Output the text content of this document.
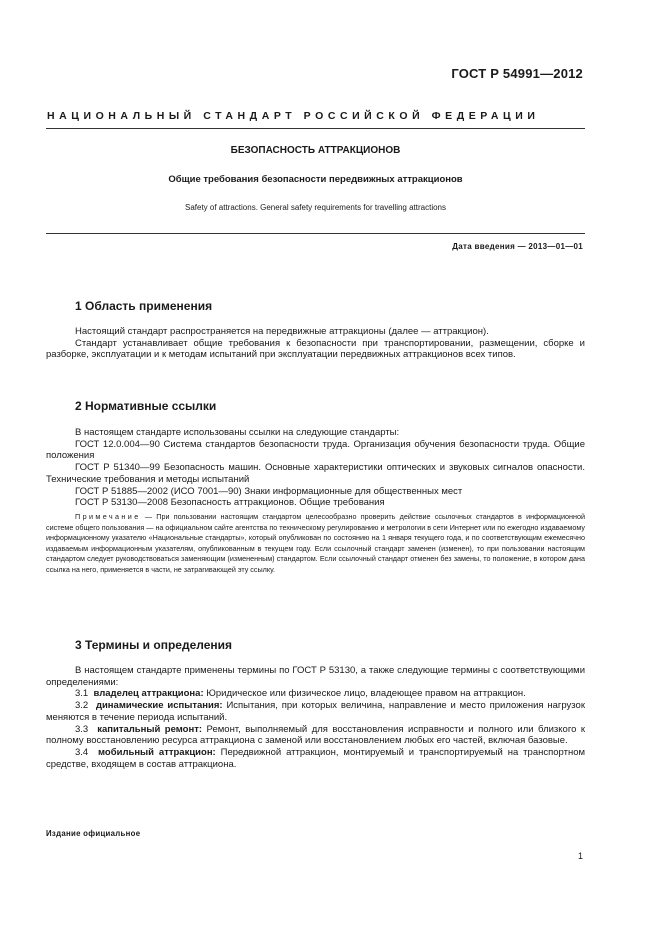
ГОСТ Р 54991—2012
НАЦИОНАЛЬНЫЙ СТАНДАРТ РОССИЙСКОЙ ФЕДЕРАЦИИ
БЕЗОПАСНОСТЬ АТТРАКЦИОНОВ
Общие требования безопасности передвижных аттракционов
Safety of attractions. General safety requirements for travelling attractions
Дата введения — 2013—01—01
1 Область применения

Настоящий стандарт распространяется на передвижные аттракционы (далее — аттракцион).

Стандарт устанавливает общие требования к безопасности при транспортировании, размещении, сборке и разборке, эксплуатации и к методам испытаний при эксплуатации передвижных аттракционов всех типов.

2 Нормативные ссылки

В настоящем стандарте использованы ссылки на следующие стандарты:

ГОСТ 12.0.004—90 Система стандартов безопасности труда. Организация обучения безопасности труда. Общие положения

ГОСТ Р 51340—99 Безопасность машин. Основные характеристики оптических и звуковых сигналов опасности. Технические требования и методы испытаний

ГОСТ Р 51885—2002 (ИСО 7001—90) Знаки информационные для общественных мест

ГОСТ Р 53130—2008 Безопасность аттракционов. Общие требования

Примечание — При пользовании настоящим стандартом целесообразно проверить действие ссылочных стандартов в информационной системе общего пользования — на официальном сайте агентства по техническому регулированию и метрологии в сети Интернет или по ежегодно издаваемому информационному указателю «Национальные стандарты», который опубликован по состоянию на 1 января текущего года, и по соответствующим ежемесячно издаваемым информационным указателям, опубликованным в текущем году. Если ссылочный стандарт заменен (изменен), то при пользовании настоящим стандартом следует руководствоваться заменяющим (измененным) стандартом. Если ссылочный стандарт отменен без замены, то положение, в котором дана ссылка на него, применяется в части, не затрагивающей эту ссылку.

3 Термины и определения

В настоящем стандарте применены термины по ГОСТ Р 53130, а также следующие термины с соответствующими определениями:

3.1 владелец аттракциона: Юридическое или физическое лицо, владеющее правом на аттракцион.

3.2 динамические испытания: Испытания, при которых величина, направление и место приложения нагрузок меняются в течение периода испытаний.

3.3 капитальный ремонт: Ремонт, выполняемый для восстановления исправности и полного или близкого к полному восстановлению ресурса аттракциона с заменой или восстановлением любых его частей, включая базовые.

3.4 мобильный аттракцион: Передвижной аттракцион, монтируемый и транспортируемый на транспортном средстве, входящем в состав аттракциона.

Издание официальное
1
